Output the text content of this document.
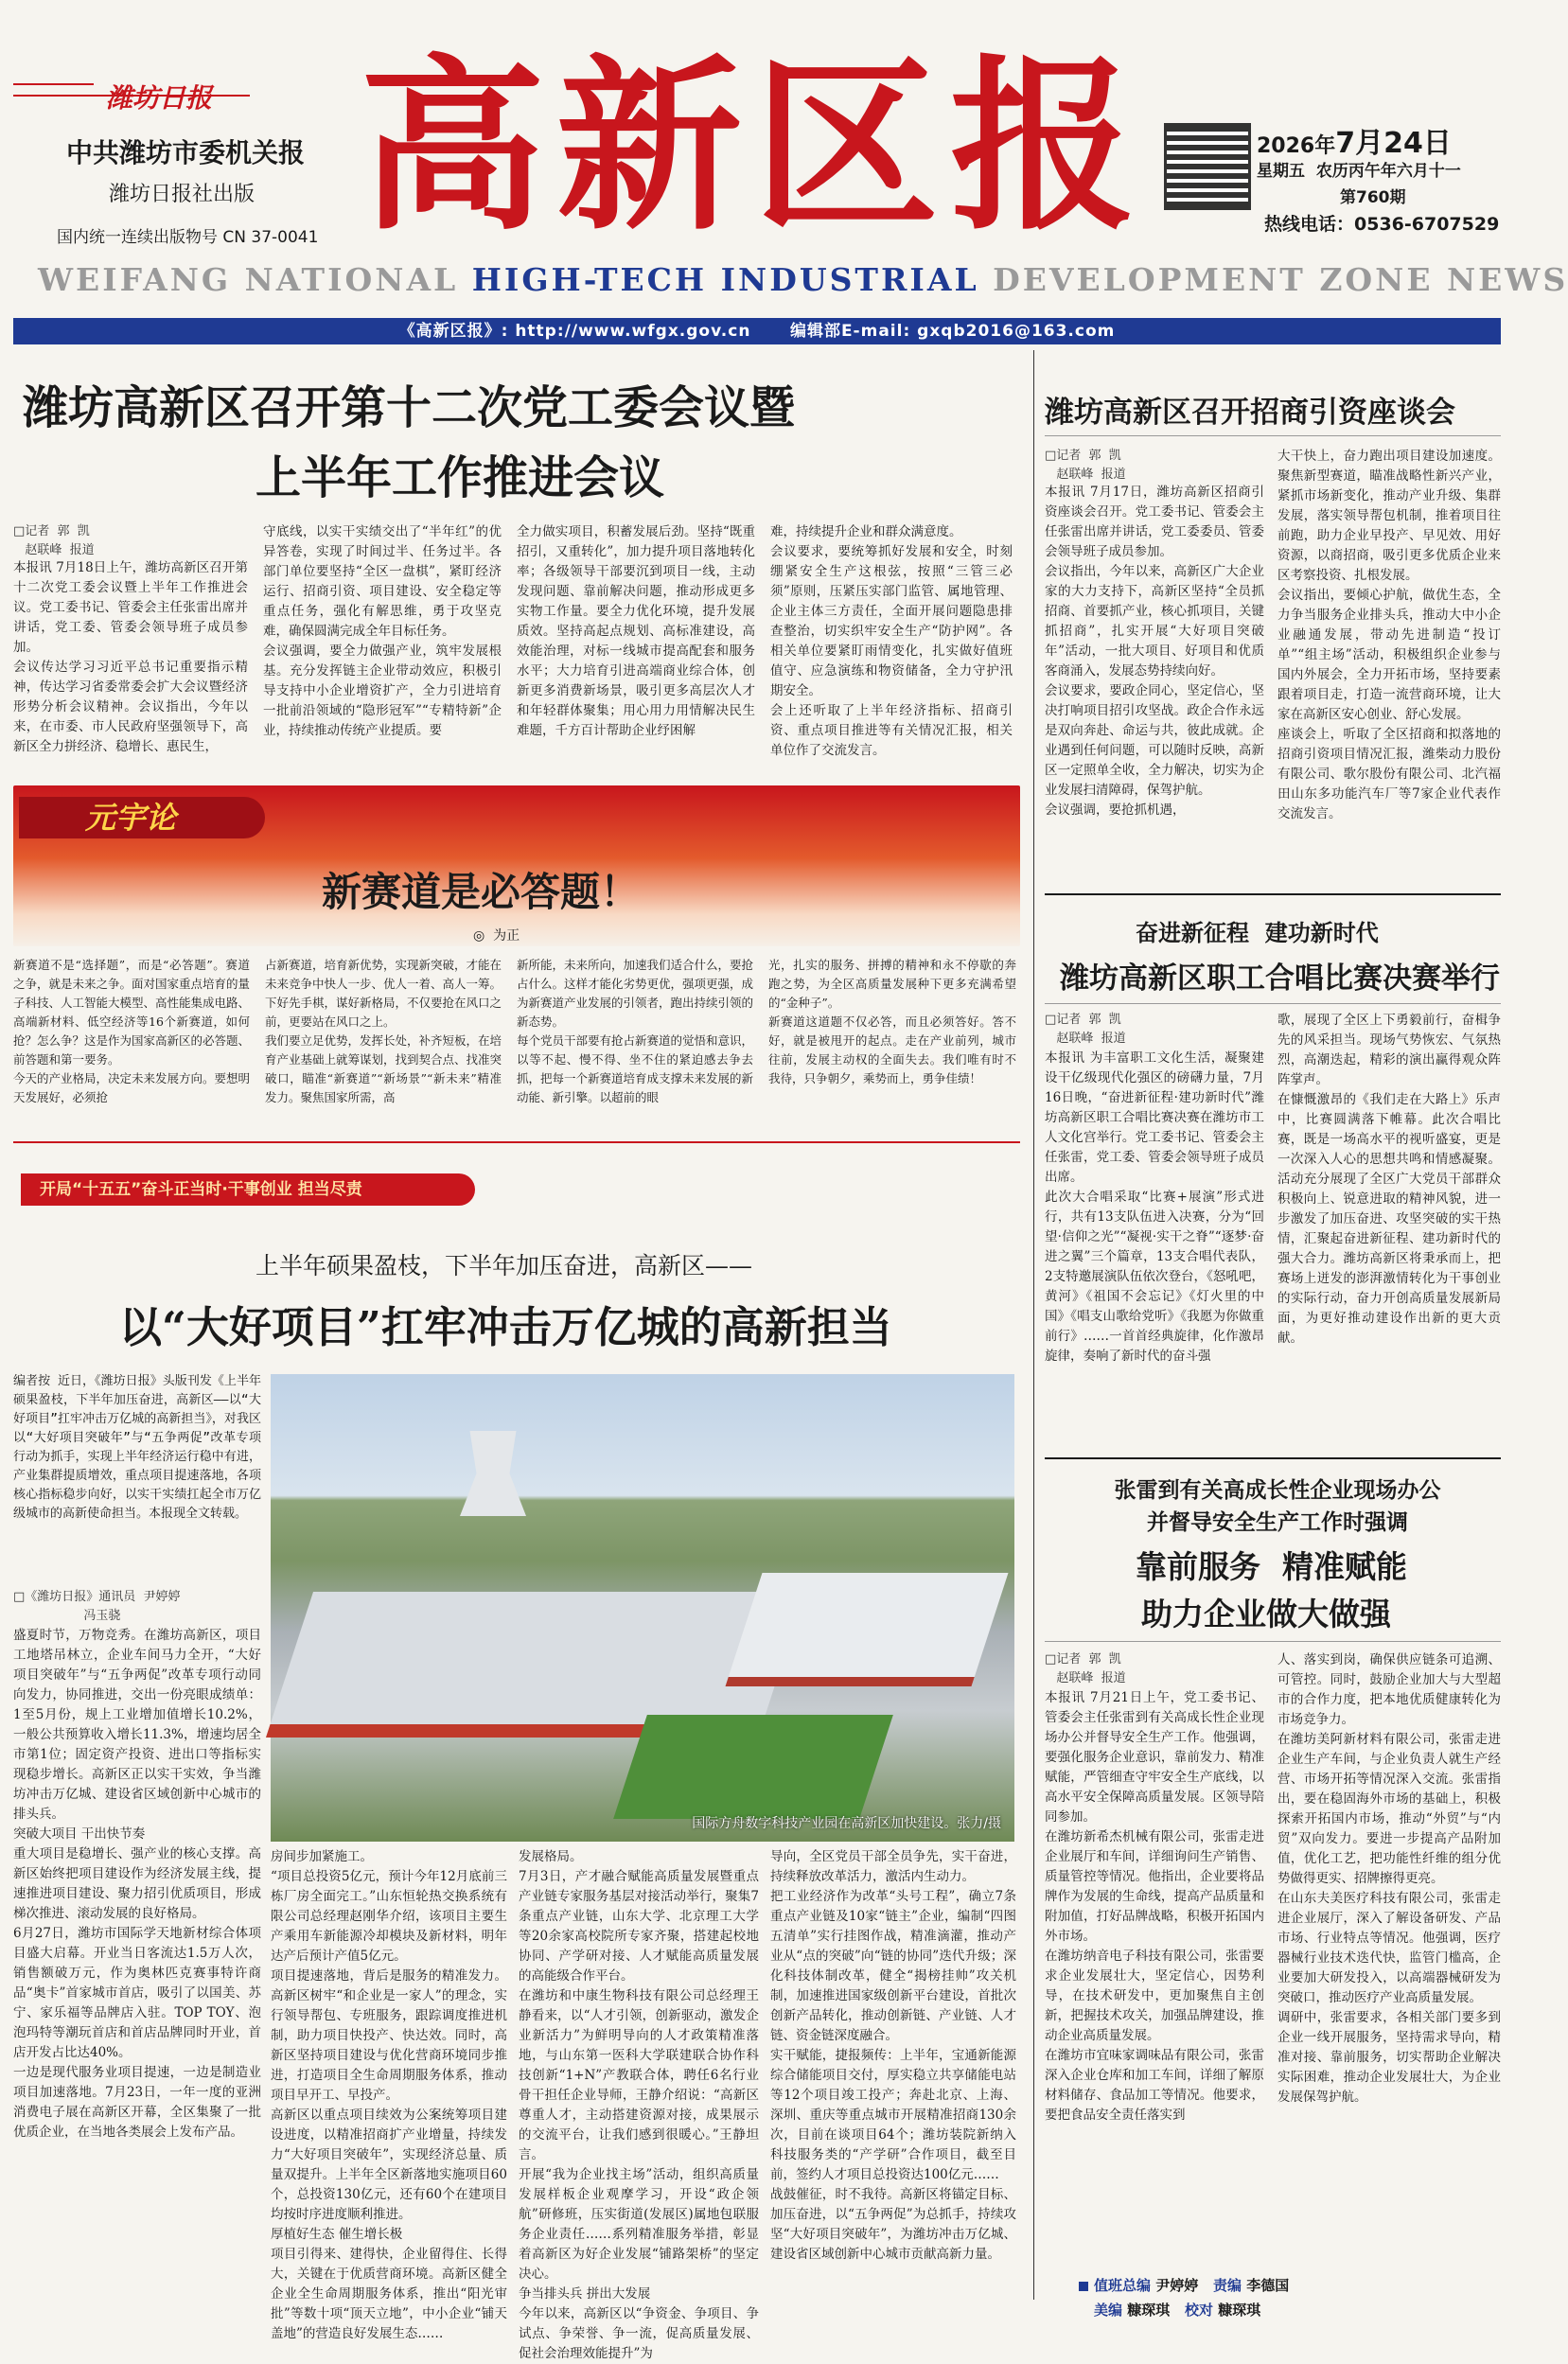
潍坊日报
中共潍坊市委机关报
潍坊日报社出版
国内统一连续出版物号 CN 37-0041 高新区报	2026年7月24日
星期五 农历丙午年六月十一
第760期
热线电话：0536-6707529
WEIFANG NATIONAL HIGH-TECH INDUSTRIAL DEVELOPMENT ZONE NEWS
《高新区报》: http://www.wfgx.gov.cn      编辑部E-mail: gxqb2016@163.com
潍坊高新区召开第十二次党工委会议暨
上半年工作推进会议
□记者  郭  凯
赵联峰  报道
本报讯 7月18日上午，潍坊高新区召开第十二次党工委会议暨上半年工作推进会议。党工委书记、管委会主任张雷出席并讲话，党工委、管委会领导班子成员参加。
会议传达学习习近平总书记重要指示精神，传达学习省委常委会扩大会议暨经济形势分析会议精神。会议指出，今年以来，在市委、市人民政府坚强领导下，高新区全力拼经济、稳增长、惠民生，
守底线，以实干实绩交出了“半年红”的优异答卷，实现了时间过半、任务过半。各部门单位要坚持“全区一盘棋”，紧盯经济运行、招商引资、项目建设、安全稳定等重点任务，强化有解思维，勇于攻坚克难，确保圆满完成全年目标任务。
会议强调，要全力做强产业，筑牢发展根基。充分发挥链主企业带动效应，积极引导支持中小企业增资扩产，全力引进培育一批前沿领域的“隐形冠军”“专精特新”企业，持续推动传统产业提质。要
全力做实项目，积蓄发展后劲。坚持“既重招引，又重转化”，加力提升项目落地转化率；各级领导干部要沉到项目一线，主动发现问题、靠前解决问题，推动形成更多实物工作量。要全力优化环境，提升发展质效。坚持高起点规划、高标准建设，高效能治理，对标一线城市提高配套和服务水平；大力培育引进高端商业综合体，创新更多消费新场景，吸引更多高层次人才和年轻群体聚集；用心用力用情解决民生难题，千方百计帮助企业纾困解
难，持续提升企业和群众满意度。
会议要求，要统筹抓好发展和安全，时刻绷紧安全生产这根弦，按照“三管三必须”原则，压紧压实部门监管、属地管理、企业主体三方责任，全面开展问题隐患排查整治，切实织牢安全生产“防护网”。各相关单位要紧盯雨情变化，扎实做好值班值守、应急演练和物资储备，全力守护汛期安全。
会上还听取了上半年经济指标、招商引资、重点项目推进等有关情况汇报，相关单位作了交流发言。
元宇论
新赛道是必答题！
◎  为正
新赛道不是“选择题”，而是“必答题”。赛道之争，就是未来之争。面对国家重点培育的量子科技、人工智能大模型、高性能集成电路、高端新材料、低空经济等16个新赛道，如何抢？怎么争？这是作为国家高新区的必答题、前答题和第一要务。
今天的产业格局，决定未来发展方向。要想明天发展好，必须抢
占新赛道，培育新优势，实现新突破，才能在未来竞争中快人一步、优人一着、高人一筹。下好先手棋，谋好新格局，不仅要抢在风口之前，更要站在风口之上。
我们要立足优势，发挥长处，补齐短板，在培育产业基础上就筹谋划，找到契合点、找准突破口，瞄准“新赛道”“新场景”“新未来”精准发力。聚焦国家所需，高
新所能，未来所向，加速我们适合什么，要抢占什么。这样才能化劣势更优，强项更强，成为新赛道产业发展的引领者，跑出持续引领的新态势。
每个党员干部要有抢占新赛道的觉悟和意识，以等不起、慢不得、坐不住的紧迫感去争去抓，把每一个新赛道培育成支撑未来发展的新动能、新引擎。以超前的眼
光，扎实的服务、拼搏的精神和永不停歇的奔跑之势，为全区高质量发展种下更多充满希望的“金种子”。
新赛道这道题不仅必答，而且必须答好。答不好，就是被甩开的起点。走在产业前列，城市往前，发展主动权的全面失去。我们唯有时不我待，只争朝夕，乘势而上，勇争佳绩！
开局“十五五”奋斗正当时·干事创业 担当尽责
上半年硕果盈枝，下半年加压奋进，高新区——
以“大好项目”扛牢冲击万亿城的高新担当
编者按 近日，《潍坊日报》头版刊发《上半年硕果盈枝，下半年加压奋进，高新区——以“大好项目”扛牢冲击万亿城的高新担当》，对我区以“大好项目突破年”与“五争两促”改革专项行动为抓手，实现上半年经济运行稳中有进，产业集群提质增效，重点项目提速落地，各项核心指标稳步向好，以实干实绩扛起全市万亿级城市的高新使命担当。本报现全文转载。
国际方舟数字科技产业园在高新区加快建设。张力/摄
□《潍坊日报》通讯员  尹婷婷
冯玉骁
盛夏时节，万物竞秀。在潍坊高新区，项目工地塔吊林立，企业车间马力全开，“大好项目突破年”与“五争两促”改革专项行动同向发力，协同推进，交出一份亮眼成绩单：1至5月份，规上工业增加值增长10.2%，一般公共预算收入增长11.3%，增速均居全市第1位；固定资产投资、进出口等指标实现稳步增长。高新区正以实干实效，争当潍坊冲击万亿城、建设省区域创新中心城市的排头兵。
突破大项目 干出快节奏
重大项目是稳增长、强产业的核心支撑。高新区始终把项目建设作为经济发展主线，提速推进项目建设、聚力招引优质项目，形成梯次推进、滚动发展的良好格局。
6月27日，潍坊市国际学天地新材综合体项目盛大启幕。开业当日客流达1.5万人次，销售额破万元，作为奥林匹克赛事特许商品“奥卡”首家城市首店，吸引了以国美、苏宁、家乐福等品牌店入驻。TOP TOY、泡泡玛特等潮玩首店和首店品牌同时开业，首店开发占比达40%。
一边是现代服务业项目提速，一边是制造业项目加速落地。7月23日，一年一度的亚洲消费电子展在高新区开幕，全区集聚了一批优质企业，在当地各类展会上发布产品。
房间步加紧施工。
“项目总投资5亿元，预计今年12月底前三栋厂房全面完工。”山东恒轮热交换系统有限公司总经理赵刚华介绍，该项目主要生产乘用车新能源冷却模块及新材料，明年达产后预计产值5亿元。
项目提速落地，背后是服务的精准发力。高新区树牢“和企业是一家人”的理念，实行领导帮包、专班服务，跟踪调度推进机制，助力项目快投产、快达效。同时，高新区坚持项目建设与优化营商环境同步推进，打造项目全生命周期服务体系，推动项目早开工、早投产。
高新区以重点项目续效为公案统筹项目建设进度，以精准招商扩产业增量，持续发力“大好项目突破年”，实现经济总量、质量双提升。上半年全区新落地实施项目60个，总投资130亿元，还有60个在建项目均按时序进度顺利推进。
厚植好生态 催生增长极
项目引得来、建得快，企业留得住、长得大，关键在于优质营商环境。高新区健全企业全生命周期服务体系，推出“阳光审批”等数十项“顶天立地”，中小企业“铺天盖地”的营造良好发展生态……
发展格局。
7月3日，产才融合赋能高质量发展暨重点产业链专家服务基层对接活动举行，聚集7条重点产业链，山东大学、北京理工大学等20余家高校院所专家齐聚，搭建起校地协同、产学研对接、人才赋能高质量发展的高能级合作平台。
在潍坊和中康生物科技有限公司总经理王静看来，以“人才引领，创新驱动，激发企业新活力”为鲜明导向的人才政策精准落地，与山东第一医科大学联建联合协作科技创新“1+N”产教联合体，聘任6名行业骨干担任企业导师，王静介绍说：“高新区尊重人才，主动搭建资源对接，成果展示的交流平台，让我们感到很暖心。”王静坦言。
开展“我为企业找主场”活动，组织高质量发展样板企业观摩学习，开设“政企领航”研修班，压实街道(发展区)属地包联服务企业责任……系列精准服务举措，彰显着高新区为好企业发展“铺路架桥”的坚定决心。
争当排头兵 拼出大发展
今年以来，高新区以“争资金、争项目、争试点、争荣誉、争一流，促高质量发展、促社会治理效能提升”为
导向，全区党员干部全员争先，实干奋进，持续释放改革活力，激活内生动力。
把工业经济作为改革“头号工程”，确立7条重点产业链及10家“链主”企业，编制“四图五清单”实行挂图作战，精准滴灌，推动产业从“点的突破”向“链的协同”迭代升级；深化科技体制改革，健全“揭榜挂帅”攻关机制，加速推进国家级创新平台建设，首批次创新产品转化，推动创新链、产业链、人才链、资金链深度融合。
实干赋能，捷报频传：上半年，宝通新能源综合储能项目交付，厚实稳立共享储能电站等12个项目竣工投产；奔赴北京、上海、深圳、重庆等重点城市开展精准招商130余次，目前在谈项目64个；潍坊装院新纳入科技服务类的“产学研”合作项目，截至目前，签约人才项目总投资达100亿元……
战鼓催征，时不我待。高新区将锚定目标、加压奋进，以“五争两促”为总抓手，持续攻坚“大好项目突破年”，为潍坊冲击万亿城、建设省区域创新中心城市贡献高新力量。
潍坊高新区召开招商引资座谈会
□记者  郭  凯
赵联峰  报道
本报讯 7月17日，潍坊高新区招商引资座谈会召开。党工委书记、管委会主任张雷出席并讲话，党工委委员、管委会领导班子成员参加。
会议指出，今年以来，高新区广大企业家的大力支持下，高新区坚持“全员抓招商、首要抓产业，核心抓项目，关键抓招商”，扎实开展“大好项目突破年”活动，一批大项目、好项目和优质客商涌入，发展态势持续向好。
会议要求，要政企同心，坚定信心，坚决打响项目招引攻坚战。政企合作永远是双向奔赴、命运与共，彼此成就。企业遇到任何问题，可以随时反映，高新区一定照单全收，全力解决，切实为企业发展扫清障碍，保驾护航。
会议强调，要抢抓机遇，
大干快上，奋力跑出项目建设加速度。聚焦新型赛道，瞄准战略性新兴产业，紧抓市场新变化，推动产业升级、集群发展，落实领导帮包机制，推着项目往前跑，助力企业早投产、早见效、用好资源，以商招商，吸引更多优质企业来区考察投资、扎根发展。
会议指出，要倾心护航，做优生态，全力争当服务企业排头兵，推动大中小企业融通发展，带动先进制造“投订单”“组主场”活动，积极组织企业参与国内外展会，全力开拓市场，坚持要素跟着项目走，打造一流营商环境，让大家在高新区安心创业、舒心发展。
座谈会上，听取了全区招商和拟落地的招商引资项目情况汇报，潍柴动力股份有限公司、歌尔股份有限公司、北汽福田山东多功能汽车厂等7家企业代表作交流发言。
奋进新征程  建功新时代
潍坊高新区职工合唱比赛决赛举行
□记者  郭  凯
赵联峰  报道
本报讯 为丰富职工文化生活，凝聚建设干亿级现代化强区的磅礴力量，7月16日晚，“奋进新征程·建功新时代”潍坊高新区职工合唱比赛决赛在潍坊市工人文化宫举行。党工委书记、管委会主任张雷，党工委、管委会领导班子成员出席。
此次大合唱采取“比赛+展演”形式进行，共有13支队伍进入决赛，分为“回望·信仰之光”“凝视·实干之脊”“逐梦·奋进之翼”三个篇章，13支合唱代表队，2支特邀展演队伍依次登台，《怒吼吧，黄河》《祖国不会忘记》《灯火里的中国》《唱支山歌给党听》《我愿为你做重前行》……一首首经典旋律，化作激昂旋律，奏响了新时代的奋斗强
歌，展现了全区上下勇毅前行，奋楫争先的风采担当。现场气势恢宏、气氛热烈，高潮迭起，精彩的演出赢得观众阵阵掌声。
在慷慨激昂的《我们走在大路上》乐声中，比赛圆满落下帷幕。此次合唱比赛，既是一场高水平的视听盛宴，更是一次深入人心的思想共鸣和情感凝聚。活动充分展现了全区广大党员干部群众积极向上、锐意进取的精神风貌，进一步激发了加压奋进、攻坚突破的实干热情，汇聚起奋进新征程、建功新时代的强大合力。潍坊高新区将秉承而上，把赛场上迸发的澎湃激情转化为干事创业的实际行动，奋力开创高质量发展新局面，为更好推动建设作出新的更大贡献。
张雷到有关高成长性企业现场办公
并督导安全生产工作时强调
靠前服务  精准赋能
助力企业做大做强
□记者  郭  凯
赵联峰  报道
本报讯 7月21日上午，党工委书记、管委会主任张雷到有关高成长性企业现场办公并督导安全生产工作。他强调，要强化服务企业意识，靠前发力、精准赋能，严管细查守牢安全生产底线，以高水平安全保障高质量发展。区领导陪同参加。
在潍坊新希杰机械有限公司，张雷走进企业展厅和车间，详细询问生产销售、质量管控等情况。他指出，企业要将品牌作为发展的生命线，提高产品质量和附加值，打好品牌战略，积极开拓国内外市场。
在潍坊纳音电子科技有限公司，张雷要求企业发展壮大，坚定信心，因势利导，在技术研发中，更加聚焦自主创新，把握技术攻关，加强品牌建设，推动企业高质量发展。
在潍坊市宜味家调味品有限公司，张雷深入企业仓库和加工车间，详细了解原材料储存、食品加工等情况。他要求，要把食品安全责任落实到
人、落实到岗，确保供应链条可追溯、可管控。同时，鼓励企业加大与大型超市的合作力度，把本地优质健康转化为市场竞争力。
在潍坊美阿新材料有限公司，张雷走进企业生产车间，与企业负责人就生产经营、市场开拓等情况深入交流。张雷指出，要在稳固海外市场的基础上，积极探索开拓国内市场，推动“外贸”与“内贸”双向发力。要进一步提高产品附加值，优化工艺，把功能性纤维的组分优势做得更实、招牌擦得更亮。
在山东夫美医疗科技有限公司，张雷走进企业展厅，深入了解设备研发、产品市场、行业特点等情况。他强调，医疗器械行业技术迭代快，监管门槛高，企业要加大研发投入，以高端器械研发为突破口，推动医疗产业高质量发展。
调研中，张雷要求，各相关部门要多到企业一线开展服务，坚持需求导向，精准对接、靠前服务，切实帮助企业解决实际困难，推动企业发展壮大，为企业发展保驾护航。
值班总编 尹婷婷 责编 李德国
美编 糠琛琪 校对 糠琛琪
